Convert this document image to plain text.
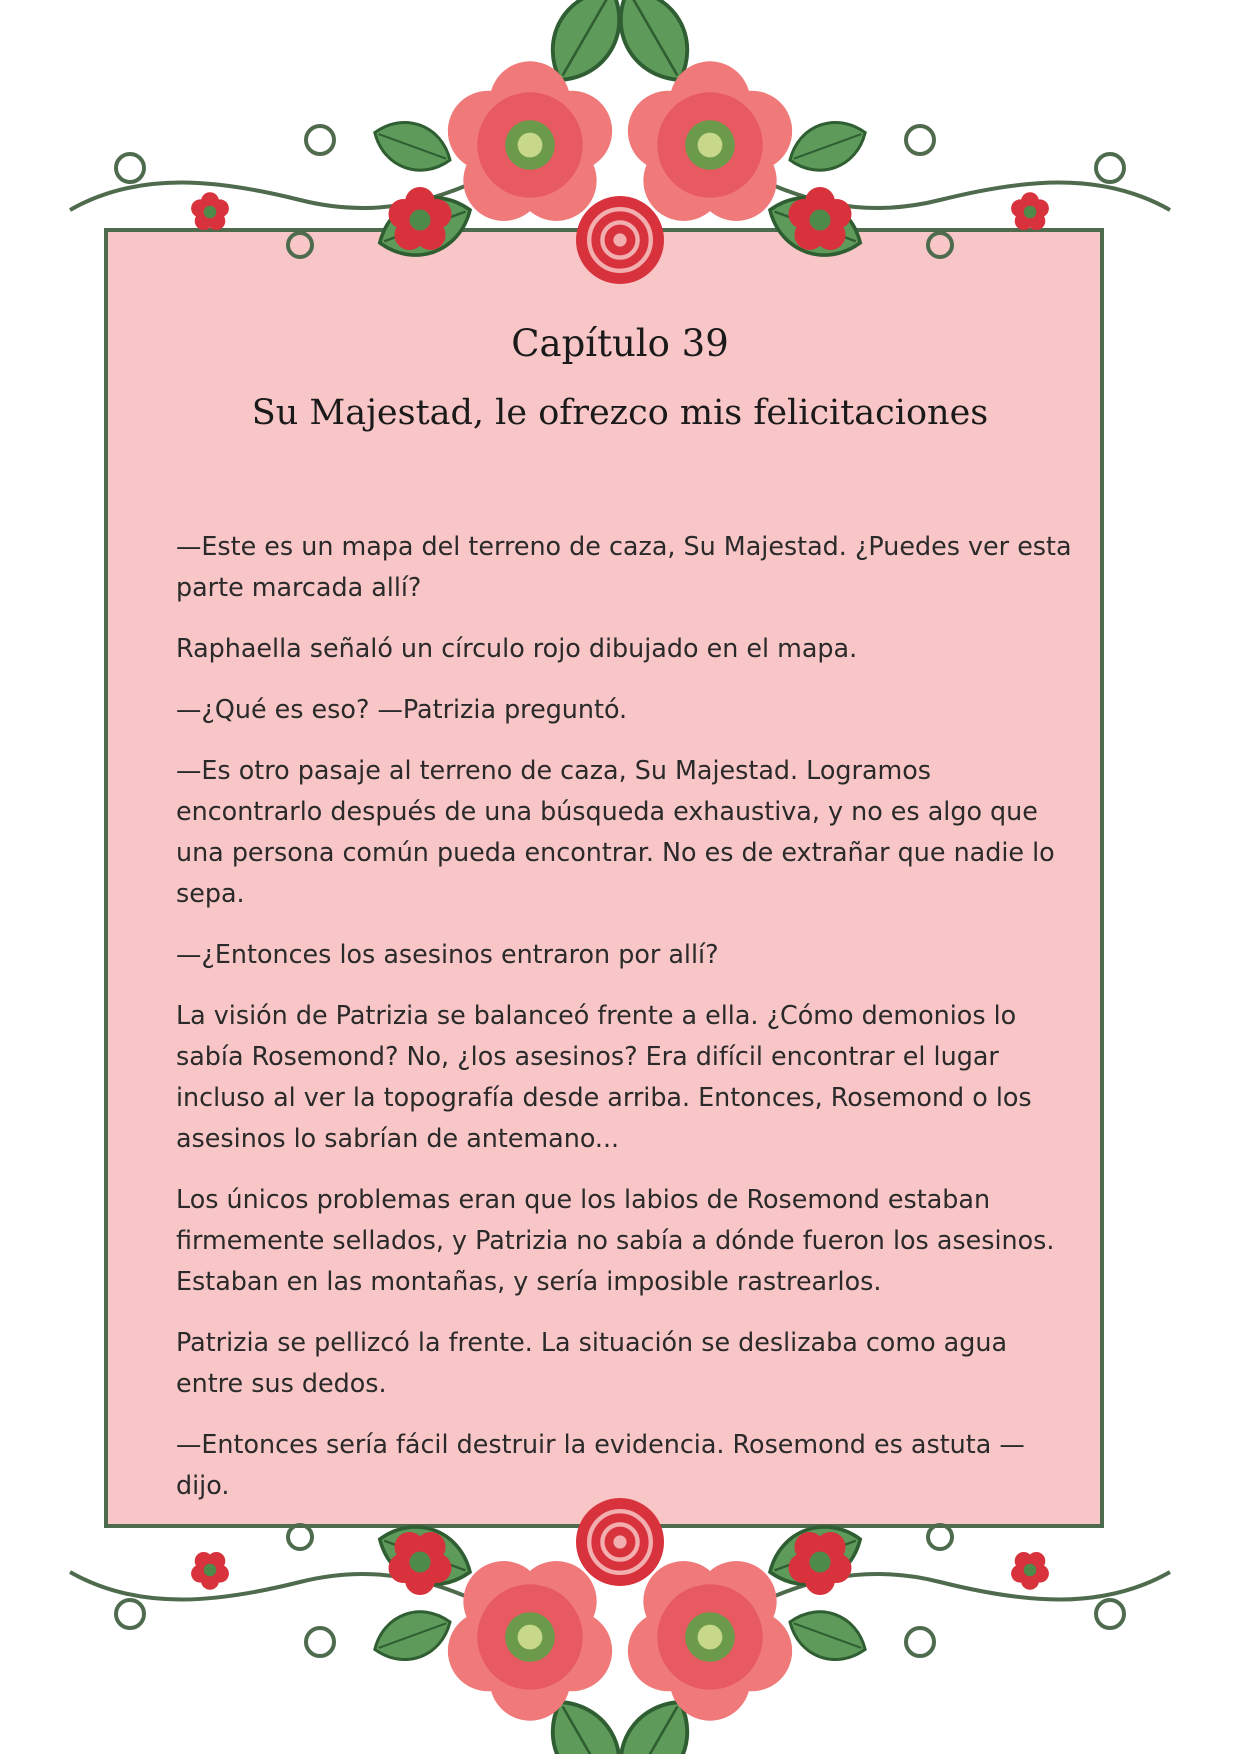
Capítulo 39
Su Majestad, le ofrezco mis felicitaciones

—Este es un mapa del terreno de caza, Su Majestad. ¿Puedes ver esta parte marcada allí?

Raphaella señaló un círculo rojo dibujado en el mapa.

—¿Qué es eso? —Patrizia preguntó.

—Es otro pasaje al terreno de caza, Su Majestad. Logramos encontrarlo después de una búsqueda exhaustiva, y no es algo que una persona común pueda encontrar. No es de extrañar que nadie lo sepa.

—¿Entonces los asesinos entraron por allí?

La visión de Patrizia se balanceó frente a ella. ¿Cómo demonios lo sabía Rosemond? No, ¿los asesinos? Era difícil encontrar el lugar incluso al ver la topografía desde arriba. Entonces, Rosemond o los asesinos lo sabrían de antemano...

Los únicos problemas eran que los labios de Rosemond estaban firmemente sellados, y Patrizia no sabía a dónde fueron los asesinos. Estaban en las montañas, y sería imposible rastrearlos.

Patrizia se pellizcó la frente. La situación se deslizaba como agua entre sus dedos.

—Entonces sería fácil destruir la evidencia. Rosemond es astuta —dijo.
